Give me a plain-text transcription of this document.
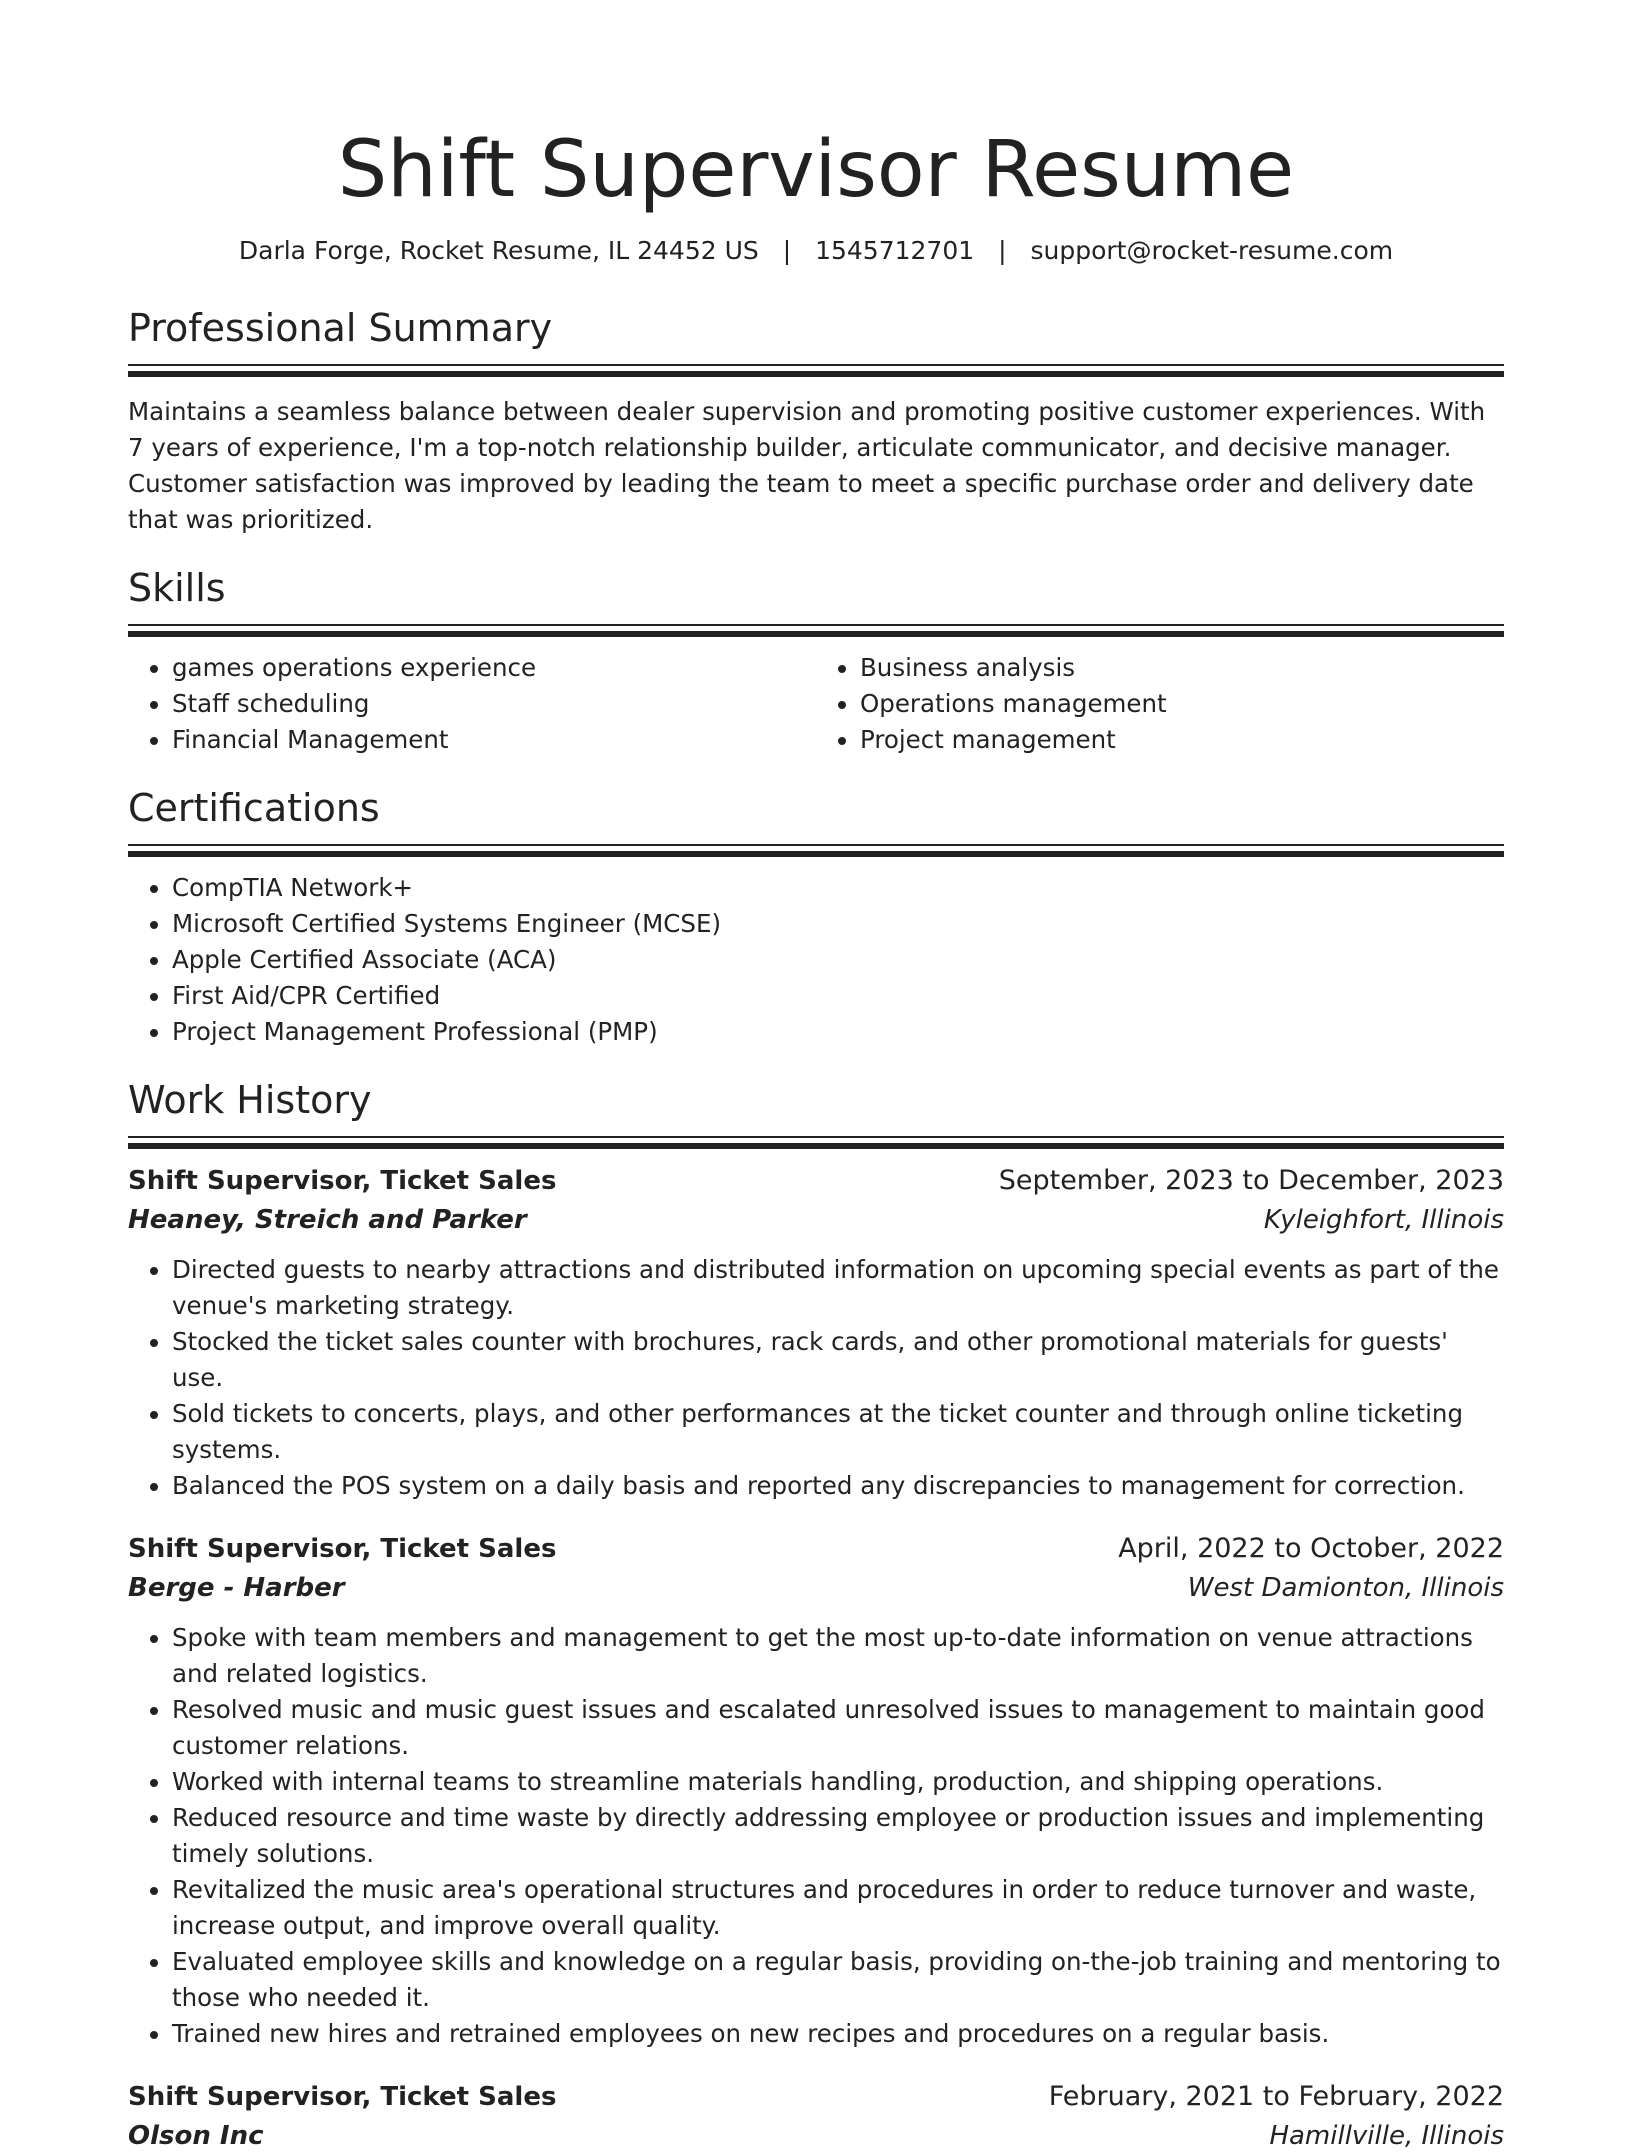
Shift Supervisor Resume
Darla Forge, Rocket Resume, IL 24452 US | 1545712701 | support@rocket-resume.com
Professional Summary

Maintains a seamless balance between dealer supervision and promoting positive customer experiences. With 7 years of experience, I'm a top-notch relationship builder, articulate communicator, and decisive manager. Customer satisfaction was improved by leading the team to meet a specific purchase order and delivery date that was prioritized.

Skills
• games operations experience
• Staff scheduling
• Financial Management
• Business analysis
• Operations management
• Project management
Certifications
• CompTIA Network+
• Microsoft Certified Systems Engineer (MCSE)
• Apple Certified Associate (ACA)
• First Aid/CPR Certified
• Project Management Professional (PMP)
Work History
Shift Supervisor, Ticket Sales	September, 2023 to December, 2023
Heaney, Streich and Parker	Kyleighfort, Illinois
• Directed guests to nearby attractions and distributed information on upcoming special events as part of the venue's marketing strategy.
• Stocked the ticket sales counter with brochures, rack cards, and other promotional materials for guests' use.
• Sold tickets to concerts, plays, and other performances at the ticket counter and through online ticketing systems.
• Balanced the POS system on a daily basis and reported any discrepancies to management for correction.
Shift Supervisor, Ticket Sales	April, 2022 to October, 2022
Berge - Harber	West Damionton, Illinois
• Spoke with team members and management to get the most up-to-date information on venue attractions and related logistics.
• Resolved music and music guest issues and escalated unresolved issues to management to maintain good customer relations.
• Worked with internal teams to streamline materials handling, production, and shipping operations.
• Reduced resource and time waste by directly addressing employee or production issues and implementing timely solutions.
• Revitalized the music area's operational structures and procedures in order to reduce turnover and waste, increase output, and improve overall quality.
• Evaluated employee skills and knowledge on a regular basis, providing on-the-job training and mentoring to those who needed it.
• Trained new hires and retrained employees on new recipes and procedures on a regular basis.
Shift Supervisor, Ticket Sales	February, 2021 to February, 2022
Olson Inc	Hamillville, Illinois
